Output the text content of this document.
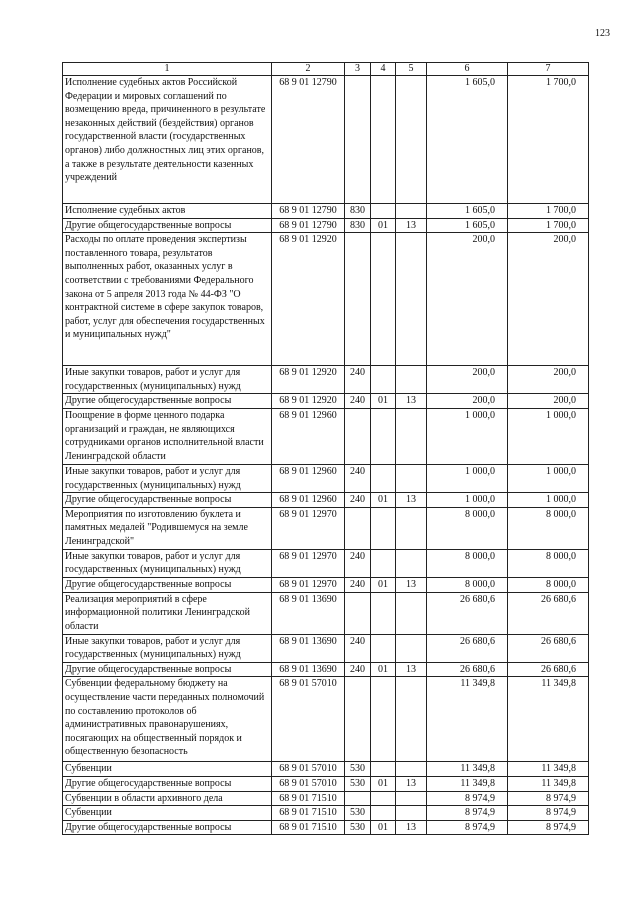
123
1	2	3	4	5	6	7
Исполнение судебных актов Российской Федерации и мировых соглашений по возмещению вреда, причиненного в результате незаконных действий (бездействия) органов государственной власти (государственных органов) либо должностных лиц этих органов, а также в результате деятельности казенных учреждений	68 9 01 12790				1 605,0	1 700,0
Исполнение судебных актов	68 9 01 12790	830			1 605,0	1 700,0
Другие общегосударственные вопросы	68 9 01 12790	830	01	13	1 605,0	1 700,0
Расходы по оплате проведения экспертизы поставленного товара, результатов выполненных работ, оказанных услуг в соответствии с требованиями Федерального закона от 5 апреля 2013 года № 44-ФЗ "О контрактной системе в сфере закупок товаров, работ, услуг для обеспечения государственных и муниципальных нужд"	68 9 01 12920				200,0	200,0
Иные закупки товаров, работ и услуг для государственных (муниципальных) нужд	68 9 01 12920	240			200,0	200,0
Другие общегосударственные вопросы	68 9 01 12920	240	01	13	200,0	200,0
Поощрение в форме ценного подарка организаций и граждан, не являющихся сотрудниками органов исполнительной власти Ленинградской области	68 9 01 12960				1 000,0	1 000,0
Иные закупки товаров, работ и услуг для государственных (муниципальных) нужд	68 9 01 12960	240			1 000,0	1 000,0
Другие общегосударственные вопросы	68 9 01 12960	240	01	13	1 000,0	1 000,0
Мероприятия по изготовлению буклета и памятных медалей "Родившемуся на земле Ленинградской"	68 9 01 12970				8 000,0	8 000,0
Иные закупки товаров, работ и услуг для государственных (муниципальных) нужд	68 9 01 12970	240			8 000,0	8 000,0
Другие общегосударственные вопросы	68 9 01 12970	240	01	13	8 000,0	8 000,0
Реализация мероприятий в сфере информационной политики Ленинградской области	68 9 01 13690				26 680,6	26 680,6
Иные закупки товаров, работ и услуг для государственных (муниципальных) нужд	68 9 01 13690	240			26 680,6	26 680,6
Другие общегосударственные вопросы	68 9 01 13690	240	01	13	26 680,6	26 680,6
Субвенции федеральному бюджету на осуществление части переданных полномочий по составлению протоколов об административных правонарушениях, посягающих на общественный порядок и общественную безопасность	68 9 01 57010				11 349,8	11 349,8
Субвенции	68 9 01 57010	530			11 349,8	11 349,8
Другие общегосударственные вопросы	68 9 01 57010	530	01	13	11 349,8	11 349,8
Субвенции в области архивного дела	68 9 01 71510				8 974,9	8 974,9
Субвенции	68 9 01 71510	530			8 974,9	8 974,9
Другие общегосударственные вопросы	68 9 01 71510	530	01	13	8 974,9	8 974,9
